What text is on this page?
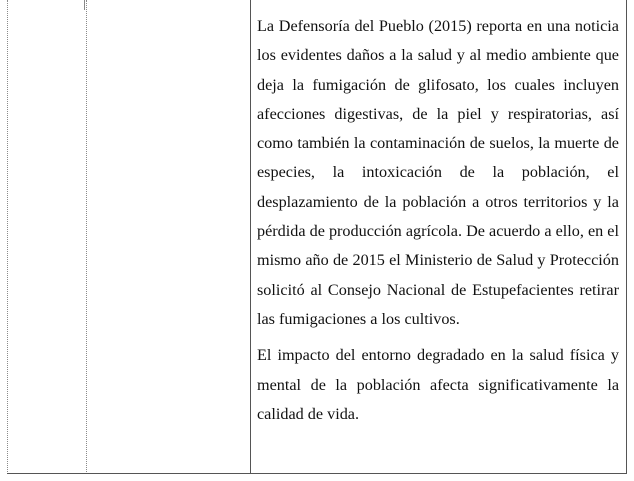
La Defensoría del Pueblo (2015) reporta en una noticia los evidentes daños a la salud y al medio ambiente que deja la fumigación de glifosato, los cuales incluyen afecciones digestivas, de la piel y respiratorias, así como también la contaminación de suelos, la muerte de especies, la intoxicación de la población, el desplazamiento de la población a otros territorios y la pérdida de producción agrícola. De acuerdo a ello, en el mismo año de 2015 el Ministerio de Salud y Protección solicitó al Consejo Nacional de Estupefacientes retirar las fumigaciones a los cultivos.

El impacto del entorno degradado en la salud física y mental de la población afecta significativamente la calidad de vida.
